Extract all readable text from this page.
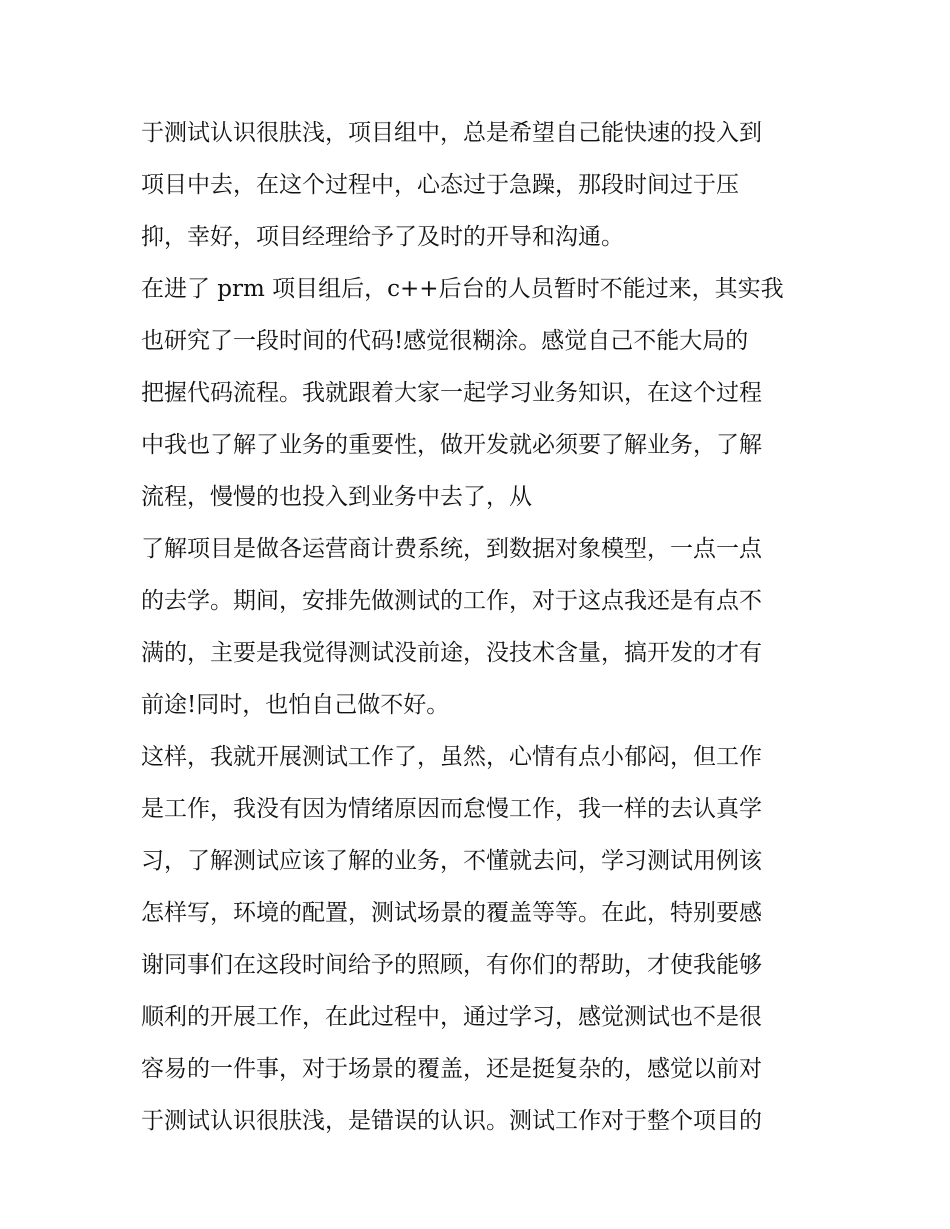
于测试认识很肤浅，项目组中，总是希望自己能快速的投入到
项目中去，在这个过程中，心态过于急躁，那段时间过于压
抑，幸好，项目经理给予了及时的开导和沟通。
在进了 prm 项目组后，c++后台的人员暂时不能过来，其实我
也研究了一段时间的代码!感觉很糊涂。感觉自己不能大局的
把握代码流程。我就跟着大家一起学习业务知识，在这个过程
中我也了解了业务的重要性，做开发就必须要了解业务，了解
流程，慢慢的也投入到业务中去了，从
了解项目是做各运营商计费系统，到数据对象模型，一点一点
的去学。期间，安排先做测试的工作，对于这点我还是有点不
满的，主要是我觉得测试没前途，没技术含量，搞开发的才有
前途!同时，也怕自己做不好。
这样，我就开展测试工作了，虽然，心情有点小郁闷，但工作
是工作，我没有因为情绪原因而怠慢工作，我一样的去认真学
习，了解测试应该了解的业务，不懂就去问，学习测试用例该
怎样写，环境的配置，测试场景的覆盖等等。在此，特别要感
谢同事们在这段时间给予的照顾，有你们的帮助，才使我能够
顺利的开展工作，在此过程中，通过学习，感觉测试也不是很
容易的一件事，对于场景的覆盖，还是挺复杂的，感觉以前对
于测试认识很肤浅，是错误的认识。测试工作对于整个项目的
